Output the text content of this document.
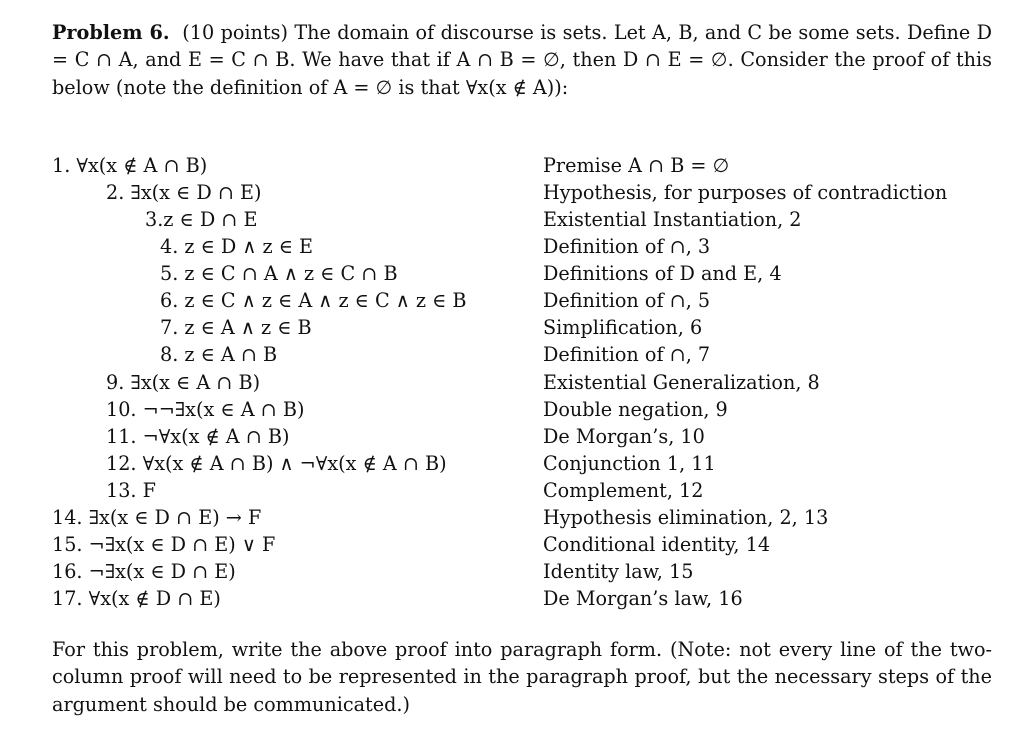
Problem 6. (10 points) The domain of discourse is sets. Let A, B, and C be some sets. Define D = C ∩ A, and E = C ∩ B. We have that if A ∩ B = ∅, then D ∩ E = ∅. Consider the proof of this below (note the definition of A = ∅ is that ∀x(x ∉ A)):

1. ∀x(x ∉ A ∩ B)	Premise A ∩ B = ∅
2. ∃x(x ∈ D ∩ E)	Hypothesis, for purposes of contradiction
3.z ∈ D ∩ E	Existential Instantiation, 2
4. z ∈ D ∧ z ∈ E	Definition of ∩, 3
5. z ∈ C ∩ A ∧ z ∈ C ∩ B	Definitions of D and E, 4
6. z ∈ C ∧ z ∈ A ∧ z ∈ C ∧ z ∈ B	Definition of ∩, 5
7. z ∈ A ∧ z ∈ B	Simplification, 6
8. z ∈ A ∩ B	Definition of ∩, 7
9. ∃x(x ∈ A ∩ B)	Existential Generalization, 8
10. ¬¬∃x(x ∈ A ∩ B)	Double negation, 9
11. ¬∀x(x ∉ A ∩ B)	De Morgan’s, 10
12. ∀x(x ∉ A ∩ B) ∧ ¬∀x(x ∉ A ∩ B)	Conjunction 1, 11
13. F	Complement, 12
14. ∃x(x ∈ D ∩ E) → F	Hypothesis elimination, 2, 13
15. ¬∃x(x ∈ D ∩ E) ∨ F	Conditional identity, 14
16. ¬∃x(x ∈ D ∩ E)	Identity law, 15
17. ∀x(x ∉ D ∩ E)	De Morgan’s law, 16

For this problem, write the above proof into paragraph form. (Note: not every line of the two-column proof will need to be represented in the paragraph proof, but the necessary steps of the argument should be communicated.)
